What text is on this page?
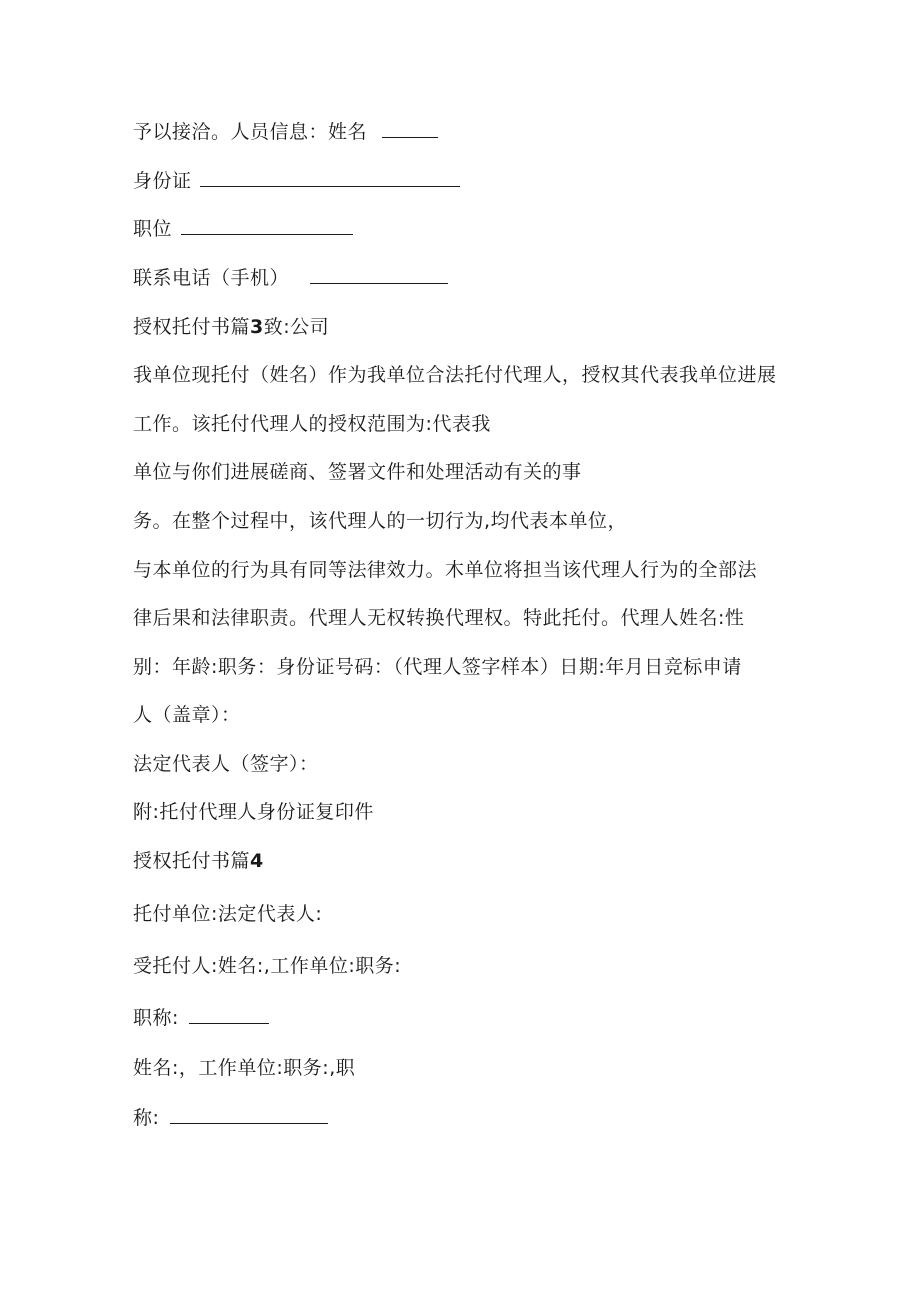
予以接洽。人员信息：姓名
身份证
职位
联系电话（手机）
授权托付书篇3致:公司
我单位现托付（姓名）作为我单位合法托付代理人，授权其代表我单位进展
工作。该托付代理人的授权范围为:代表我
单位与你们进展磋商、签署文件和处理活动有关的事
务。在整个过程中，该代理人的一切行为,均代表本单位，
与本单位的行为具有同等法律效力。木单位将担当该代理人行为的全部法
律后果和法律职责。代理人无权转换代理权。特此托付。代理人姓名:性
别：年龄:职务：身份证号码：（代理人签字样本）日期:年月日竞标申请
人（盖章）：
法定代表人（签字）：
附:托付代理人身份证复印件
授权托付书篇4
托付单位:法定代表人:
受托付人:姓名:,工作单位:职务:
职称:
姓名:，工作单位:职务:,职
称:
